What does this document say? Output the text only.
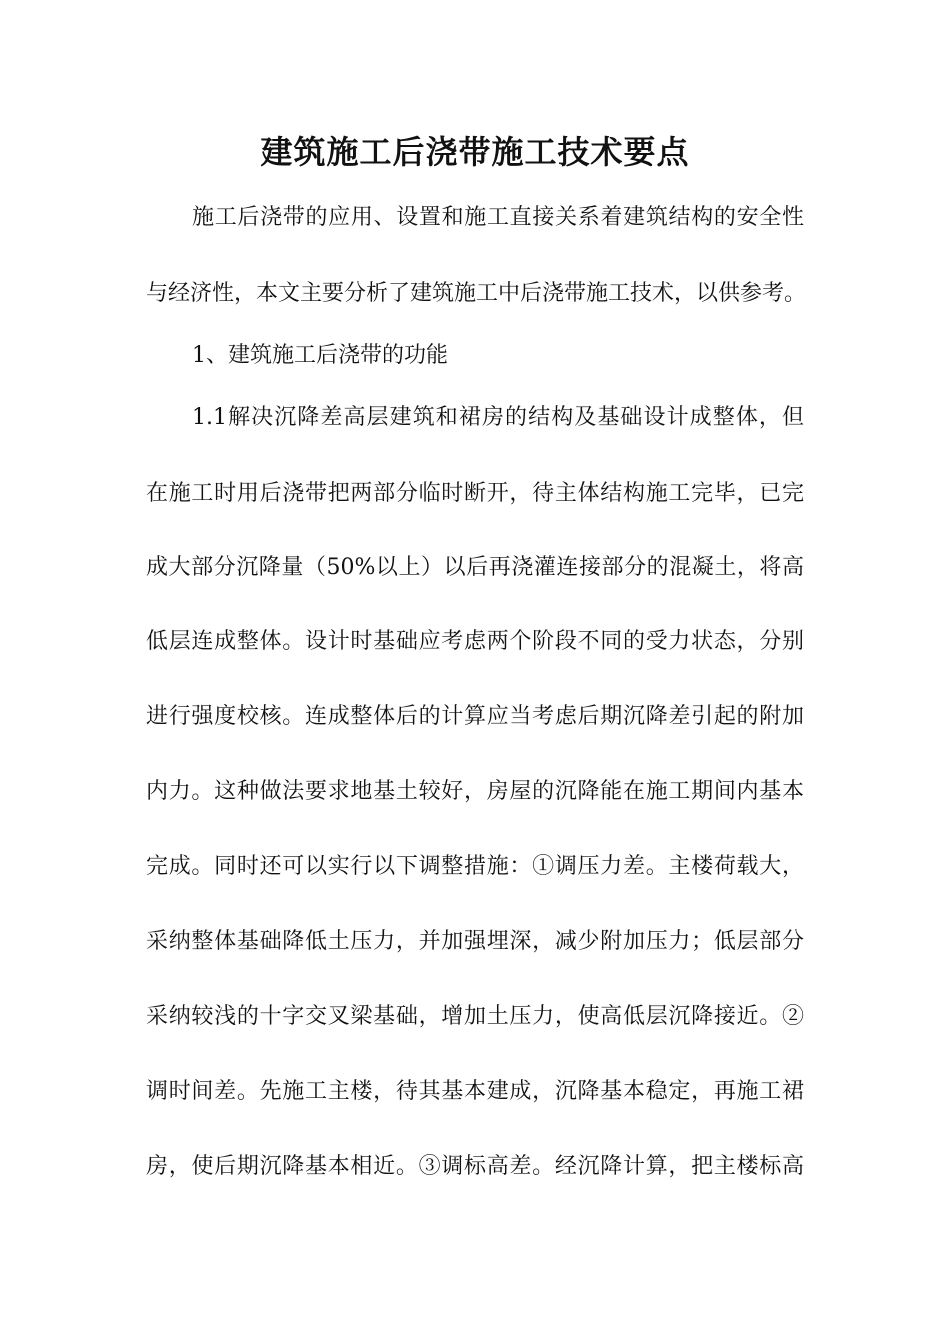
建筑施工后浇带施工技术要点
施工后浇带的应用、设置和施工直接关系着建筑结构的安全性
与经济性，本文主要分析了建筑施工中后浇带施工技术，以供参考。
1、建筑施工后浇带的功能
1.1解决沉降差高层建筑和裙房的结构及基础设计成整体，但
在施工时用后浇带把两部分临时断开，待主体结构施工完毕，已完
成大部分沉降量（50%以上）以后再浇灌连接部分的混凝土，将高
低层连成整体。设计时基础应考虑两个阶段不同的受力状态，分别
进行强度校核。连成整体后的计算应当考虑后期沉降差引起的附加
内力。这种做法要求地基土较好，房屋的沉降能在施工期间内基本
完成。同时还可以实行以下调整措施：①调压力差。主楼荷载大，
采纳整体基础降低土压力，并加强埋深，减少附加压力；低层部分
采纳较浅的十字交叉梁基础，增加土压力，使高低层沉降接近。②
调时间差。先施工主楼，待其基本建成，沉降基本稳定，再施工裙
房，使后期沉降基本相近。③调标高差。经沉降计算，把主楼标高
